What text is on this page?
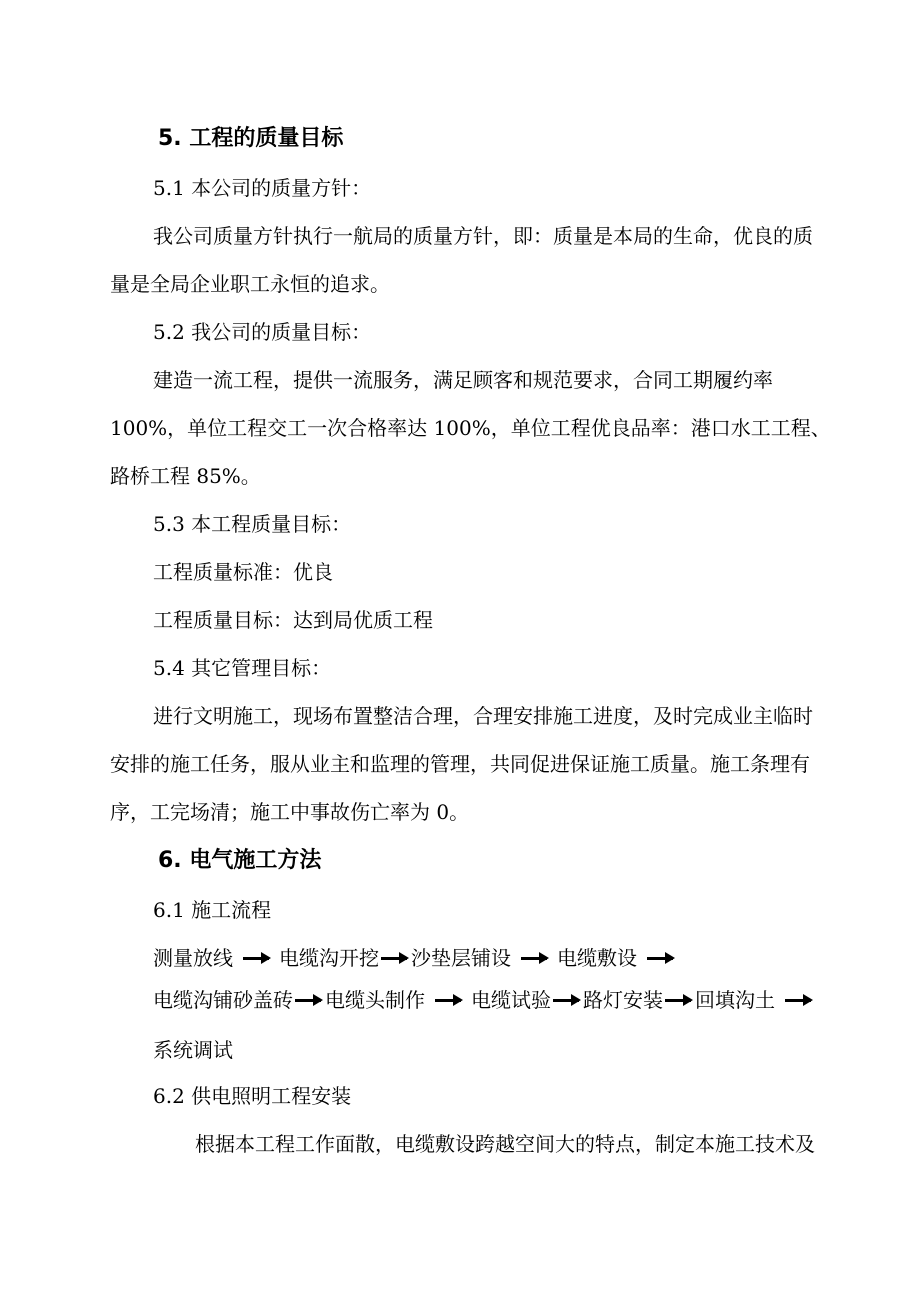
5. 工程的质量目标
5.1 本公司的质量方针：
我公司质量方针执行一航局的质量方针，即：质量是本局的生命，优良的质
量是全局企业职工永恒的追求。
5.2 我公司的质量目标：
建造一流工程，提供一流服务，满足顾客和规范要求，合同工期履约率
100%，单位工程交工一次合格率达 100%，单位工程优良品率：港口水工工程、
路桥工程 85%。
5.3 本工程质量目标：
工程质量标准：优良
工程质量目标：达到局优质工程
5.4 其它管理目标：
进行文明施工，现场布置整洁合理，合理安排施工进度，及时完成业主临时
安排的施工任务，服从业主和监理的管理，共同促进保证施工质量。施工条理有
序，工完场清；施工中事故伤亡率为 0。
6. 电气施工方法
6.1 施工流程
测量放线 电缆沟开挖 沙垫层铺设 电缆敷设
电缆沟铺砂盖砖 电缆头制作 电缆试验 路灯安装 回填沟土
系统调试
6.2 供电照明工程安装
根据本工程工作面散，电缆敷设跨越空间大的特点，制定本施工技术及
